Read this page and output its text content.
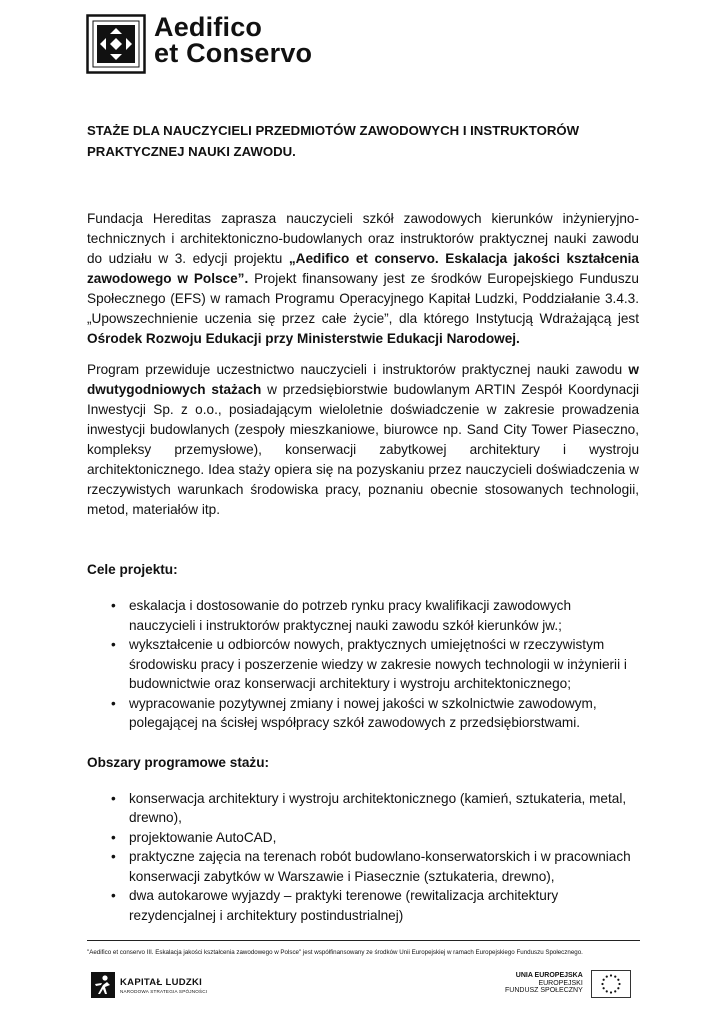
Aedifico
et Conservo

STAŻE DLA NAUCZYCIELI PRZEDMIOTÓW ZAWODOWYCH I INSTRUKTORÓW PRAKTYCZNEJ NAUKI ZAWODU.

Fundacja Hereditas zaprasza nauczycieli szkół zawodowych kierunków inżynieryjno-technicznych i architektoniczno-budowlanych oraz instruktorów praktycznej nauki zawodu do udziału w 3. edycji projektu „Aedifico et conservo. Eskalacja jakości kształcenia zawodowego w Polsce”. Projekt finansowany jest ze środków Europejskiego Funduszu Społecznego (EFS) w ramach Programu Operacyjnego Kapitał Ludzki, Poddziałanie 3.4.3. „Upowszechnienie uczenia się przez całe życie”, dla którego Instytucją Wdrażającą jest Ośrodek Rozwoju Edukacji przy Ministerstwie Edukacji Narodowej.

Program przewiduje uczestnictwo nauczycieli i instruktorów praktycznej nauki zawodu w dwutygodniowych stażach w przedsiębiorstwie budowlanym ARTIN Zespół Koordynacji Inwestycji Sp. z o.o., posiadającym wieloletnie doświadczenie w zakresie prowadzenia inwestycji budowlanych (zespoły mieszkaniowe, biurowce np. Sand City Tower Piaseczno, kompleksy przemysłowe), konserwacji zabytkowej architektury i wystroju architektonicznego. Idea staży opiera się na pozyskaniu przez nauczycieli doświadczenia w rzeczywistych warunkach środowiska pracy, poznaniu obecnie stosowanych technologii, metod, materiałów itp.

Cele projektu:
• eskalacja i dostosowanie do potrzeb rynku pracy kwalifikacji zawodowych nauczycieli i instruktorów praktycznej nauki zawodu szkół kierunków jw.;
• wykształcenie u odbiorców nowych, praktycznych umiejętności w rzeczywistym środowisku pracy i poszerzenie wiedzy w zakresie nowych technologii w inżynierii i budownictwie oraz konserwacji architektury i wystroju architektonicznego;
• wypracowanie pozytywnej zmiany i nowej jakości w szkolnictwie zawodowym, polegającej na ścisłej współpracy szkół zawodowych z przedsiębiorstwami.
Obszary programowe stażu:
• konserwacja architektury i wystroju architektonicznego (kamień, sztukateria, metal, drewno),
• projektowanie AutoCAD,
• praktyczne zajęcia na terenach robót budowlano-konserwatorskich i w pracowniach konserwacji zabytków w Warszawie i Piasecznie (sztukateria, drewno),
• dwa autokarowe wyjazdy – praktyki terenowe (rewitalizacja architektury rezydencjalnej i architektury postindustrialnej)
"Aedifico et conservo III. Eskalacja jakości kształcenia zawodowego w Polsce" jest współfinansowany ze środków Unii Europejskiej w ramach Europejskiego Funduszu Społecznego.
KAPITAŁ LUDZKI
NARODOWA STRATEGIA SPÓJNOŚCI
UNIA EUROPEJSKA
EUROPEJSKI
FUNDUSZ SPOŁECZNY
